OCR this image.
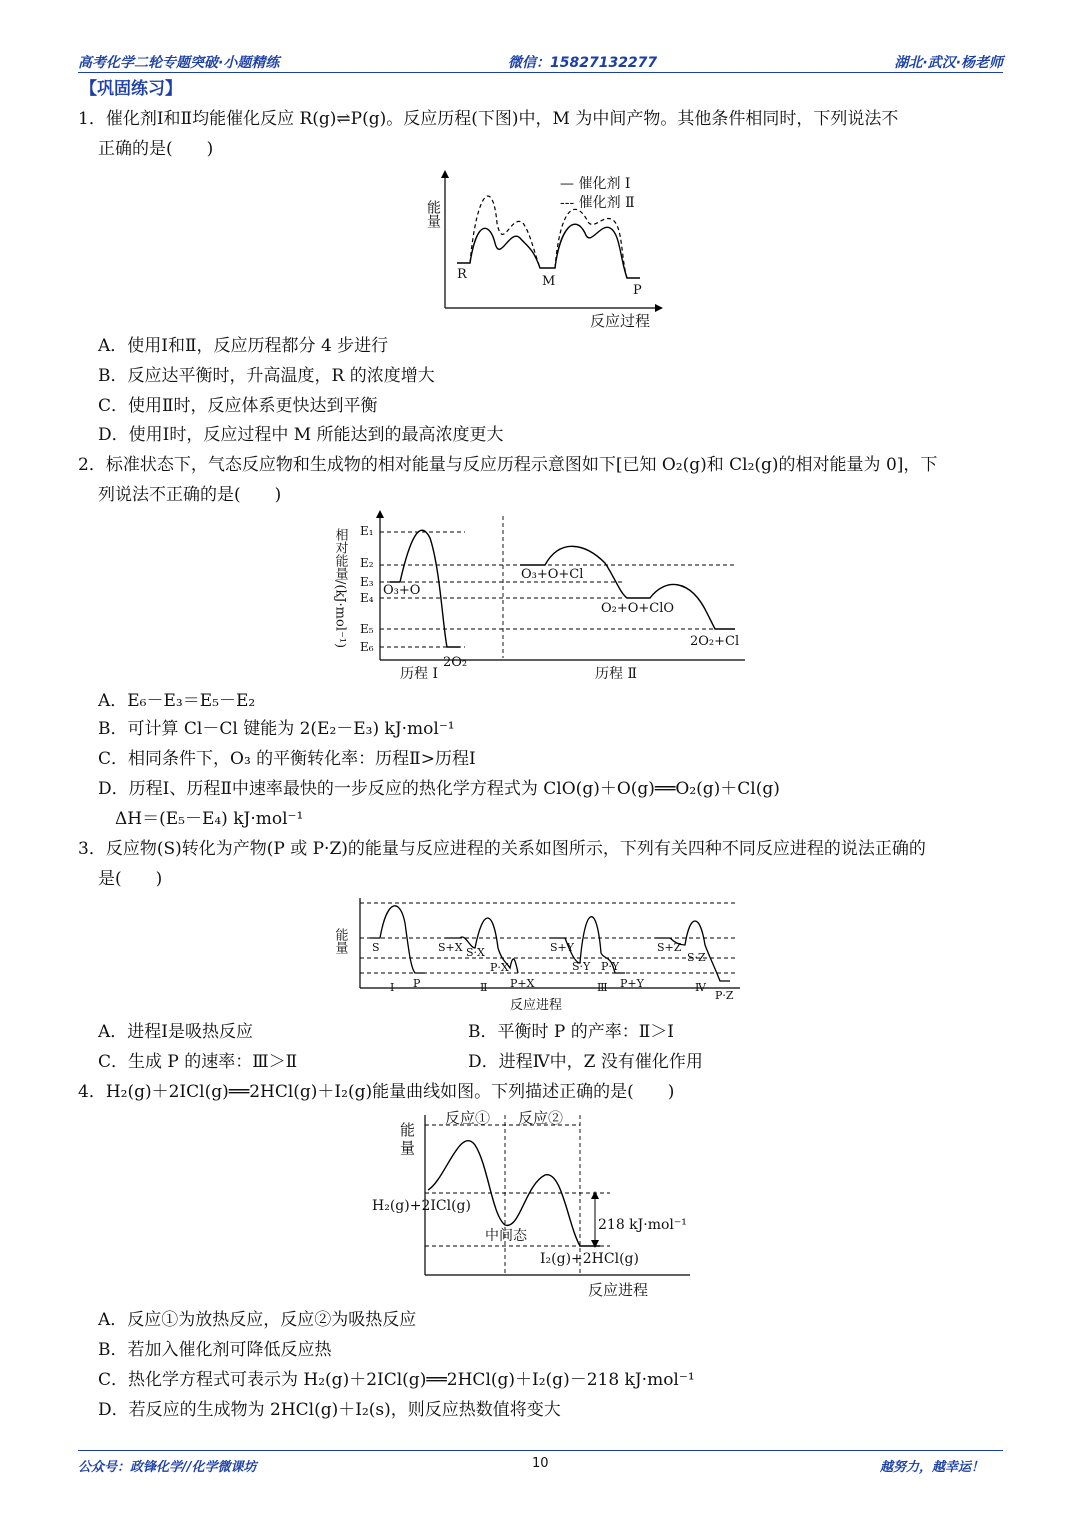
高考化学二轮专题突破·小题精练	微信：15827132277	湖北·武汉·杨老师
【巩固练习】
1．催化剂Ⅰ和Ⅱ均能催化反应 R(g)⇌P(g)。反应历程(下图)中，M 为中间产物。其他条件相同时，下列说法不
正确的是(　　)
能量
反应过程
— 催化剂 Ⅰ
--- 催化剂 Ⅱ
R	M
P
A．使用Ⅰ和Ⅱ，反应历程都分 4 步进行
B．反应达平衡时，升高温度，R 的浓度增大
C．使用Ⅱ时，反应体系更快达到平衡
D．使用Ⅰ时，反应过程中 M 所能达到的最高浓度更大
2．标准状态下，气态反应物和生成物的相对能量与反应历程示意图如下[已知 O₂(g)和 Cl₂(g)的相对能量为 0]，下
列说法不正确的是(　　)
相对能量/(kJ·mol⁻¹) E₁
E₂
E₃
E₄
E₅
E₆
O₃+O
2O₂
O₃+O+Cl
O₂+O+ClO
2O₂+Cl
历程 Ⅰ	历程 Ⅱ
A．E₆－E₃＝E₅－E₂
B．可计算 Cl－Cl 键能为 2(E₂－E₃) kJ·mol⁻¹
C．相同条件下，O₃ 的平衡转化率：历程Ⅱ>历程Ⅰ
D．历程Ⅰ、历程Ⅱ中速率最快的一步反应的热化学方程式为 ClO(g)＋O(g)══O₂(g)＋Cl(g)
ΔH＝(E₅－E₄) kJ·mol⁻¹
3．反应物(S)转化为产物(P 或 P·Z)的能量与反应进程的关系如图所示，下列有关四种不同反应进程的说法正确的
是(　　)
能量 S
P
Ⅰ
S+X S·X
P·X
P+X
Ⅱ
S+Y
S·Y P·Y
P+Y
Ⅲ
S+Z
S·Z
Ⅳ
P·Z
反应进程
A．进程Ⅰ是吸热反应	B．平衡时 P 的产率：Ⅱ＞Ⅰ
C．生成 P 的速率：Ⅲ＞Ⅱ	D．进程Ⅳ中，Z 没有催化作用
4．H₂(g)＋2ICl(g)══2HCl(g)＋I₂(g)能量曲线如图。下列描述正确的是(　　)
能
量
反应① 反应②
H₂(g)+2ICl(g)
中间态
I₂(g)+2HCl(g)
218 kJ·mol⁻¹
反应进程
A．反应①为放热反应，反应②为吸热反应
B．若加入催化剂可降低反应热
C．热化学方程式可表示为 H₂(g)＋2ICl(g)══2HCl(g)＋I₂(g)－218 kJ·mol⁻¹
D．若反应的生成物为 2HCl(g)＋I₂(s)，则反应热数值将变大
公众号：政锋化学//化学微课坊	10	越努力，越幸运！
